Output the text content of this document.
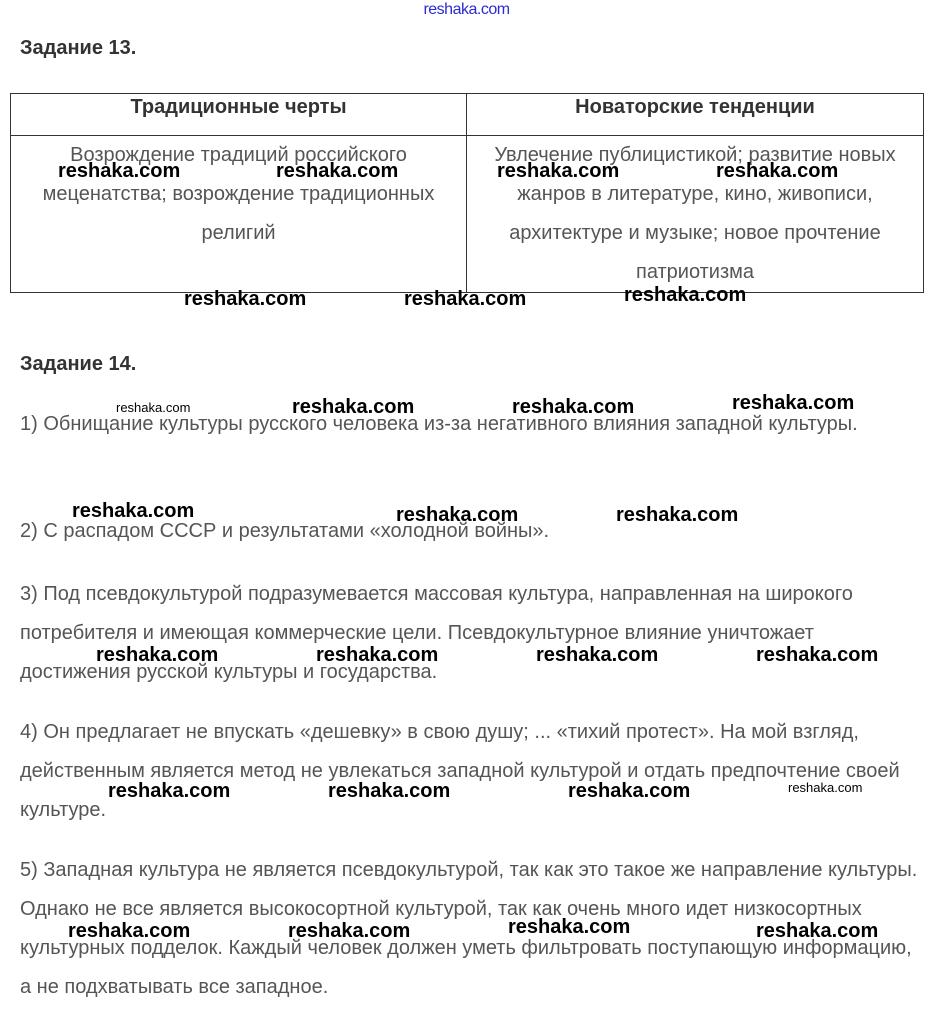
reshaka.com
Задание 13.
Традиционные черты	Новаторские тенденции
Возрождение традиций российского меценатства; возрождение традиционных религий	Увлечение публицистикой; развитие новых жанров в литературе, кино, живописи, архитектуре и музыке; новое прочтение патриотизма
Задание 14.

1) Обнищание культуры русского человека из-за негативного влияния западной культуры.

2) С распадом СССР и результатами «холодной войны».

3) Под псевдокультурой подразумевается массовая культура, направленная на широкого потребителя и имеющая коммерческие цели. Псевдокультурное влияние уничтожает достижения русской культуры и государства.

4) Он предлагает не впускать «дешевку» в свою душу; ... «тихий протест». На мой взгляд, действенным является метод не увлекаться западной культурой и отдать предпочтение своей культуре.

5) Западная культура не является псевдокультурой, так как это такое же направление культуры. Однако не все является высокосортной культурой, так как очень много идет низкосортных культурных подделок. Каждый человек должен уметь фильтровать поступающую информацию, а не подхватывать все западное.

reshaka.com	reshaka.com	reshaka.com	reshaka.com
reshaka.com	reshaka.com	reshaka.com
reshaka.com	reshaka.com	reshaka.com	reshaka.com
reshaka.com	reshaka.com	reshaka.com
reshaka.com	reshaka.com	reshaka.com	reshaka.com
reshaka.com	reshaka.com	reshaka.com	reshaka.com
reshaka.com	reshaka.com	reshaka.com	reshaka.com
